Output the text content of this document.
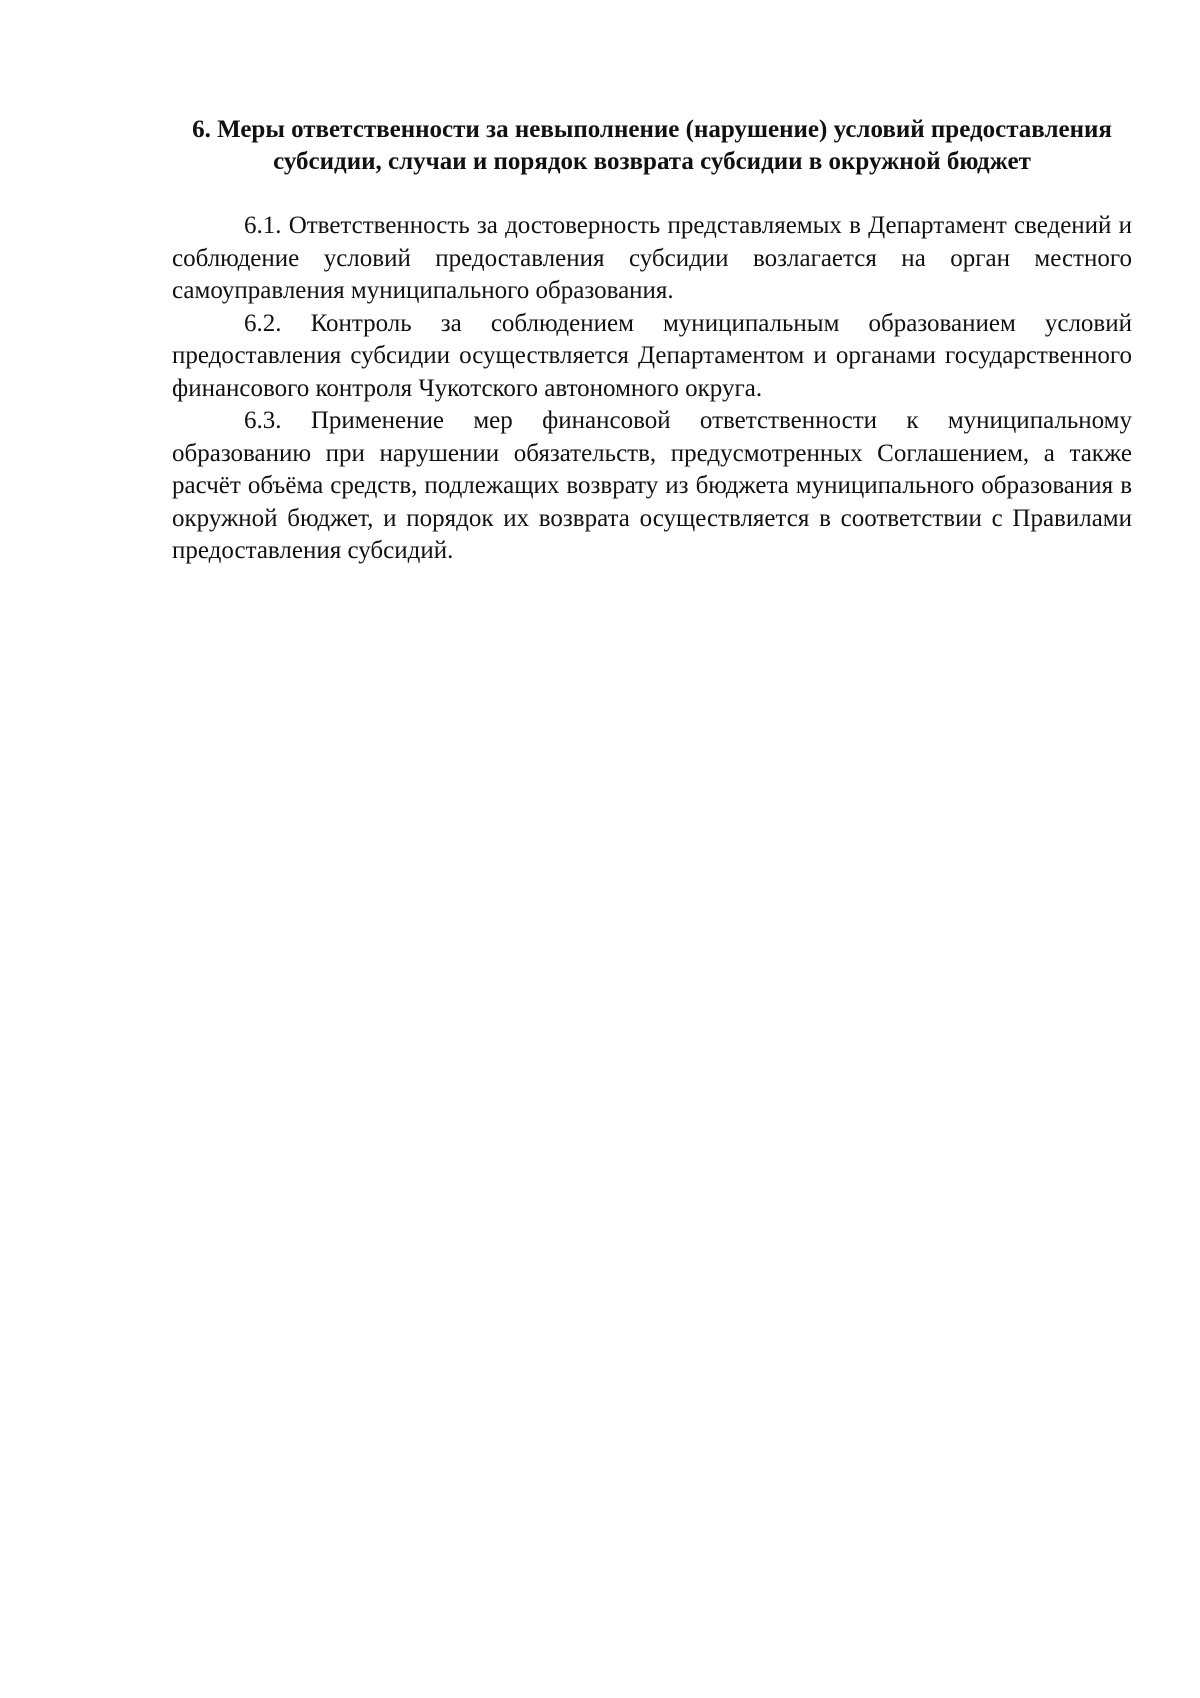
6. Меры ответственности за невыполнение (нарушение) условий предоставления субсидии, случаи и порядок возврата субсидии в окружной бюджет

6.1. Ответственность за достоверность представляемых в Департамент сведений и соблюдение условий предоставления субсидии возлагается на орган местного самоуправления муниципального образования.

6.2. Контроль за соблюдением муниципальным образованием условий предоставления субсидии осуществляется Департаментом и органами государственного финансового контроля Чукотского автономного округа.

6.3. Применение мер финансовой ответственности к муниципальному образованию при нарушении обязательств, предусмотренных Соглашением, а также расчёт объёма средств, подлежащих возврату из бюджета муниципального образования в окружной бюджет, и порядок их возврата осуществляется в соответствии с Правилами предоставления субсидий.
